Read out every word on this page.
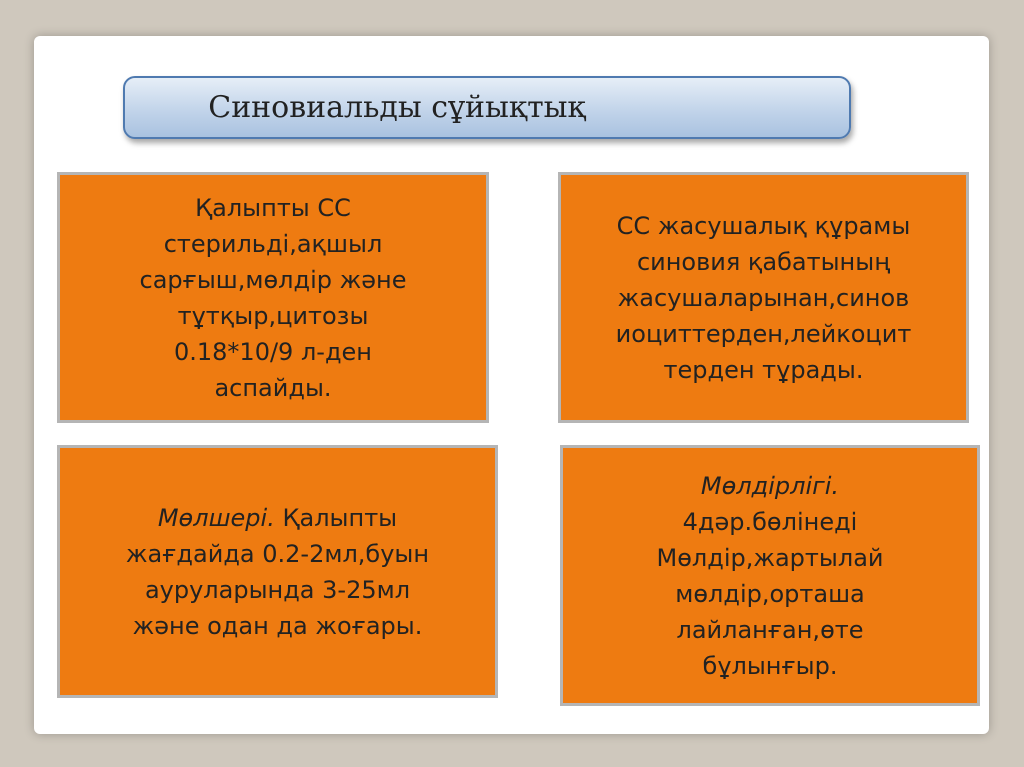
Синовиальды сұйықтық
Қалыпты СС
стерильді,ақшыл
сарғыш,мөлдір және
тұтқыр,цитозы
0.18*10/9 л-ден
аспайды.
СС жасушалық құрамы
синовия қабатының
жасушаларынан,синов
иоциттерден,лейкоцит
терден тұрады.
Мөлшері. Қалыпты
жағдайда 0.2-2мл,буын
ауруларында 3-25мл
және одан да жоғары.
Мөлдірлігі.
4дәр.бөлінеді
Мөлдір,жартылай
мөлдір,орташа
лайланған,өте
бұлынғыр.
